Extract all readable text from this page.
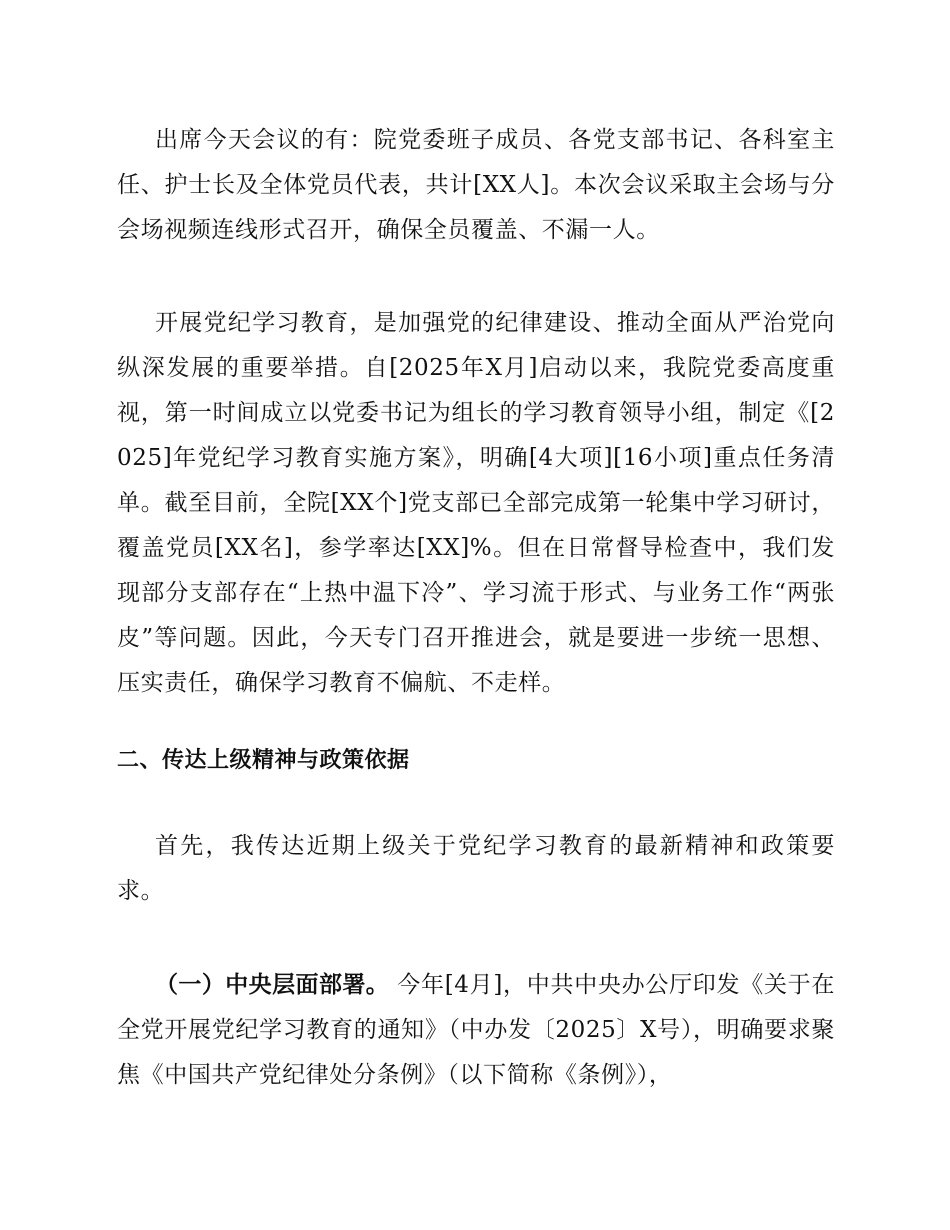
出席今天会议的有：院党委班子成员、各党支部书记、各科室主任、护士长及全体党员代表，共计[XX人]。本次会议采取主会场与分会场视频连线形式召开，确保全员覆盖、不漏一人。

开展党纪学习教育，是加强党的纪律建设、推动全面从严治党向纵深发展的重要举措。自[2025年X月]启动以来，我院党委高度重视，第一时间成立以党委书记为组长的学习教育领导小组，制定《[2025]年党纪学习教育实施方案》，明确[4大项][16小项]重点任务清单。截至目前，全院[XX个]党支部已全部完成第一轮集中学习研讨，覆盖党员[XX名]，参学率达[XX]%。但在日常督导检查中，我们发现部分支部存在“上热中温下冷”、学习流于形式、与业务工作“两张皮”等问题。因此，今天专门召开推进会，就是要进一步统一思想、压实责任，确保学习教育不偏航、不走样。

二、传达上级精神与政策依据

首先，我传达近期上级关于党纪学习教育的最新精神和政策要求。

（一）中央层面部署。 今年[4月]，中共中央办公厅印发《关于在全党开展党纪学习教育的通知》（中办发〔2025〕X号），明确要求聚焦《中国共产党纪律处分条例》（以下简称《条例》），
